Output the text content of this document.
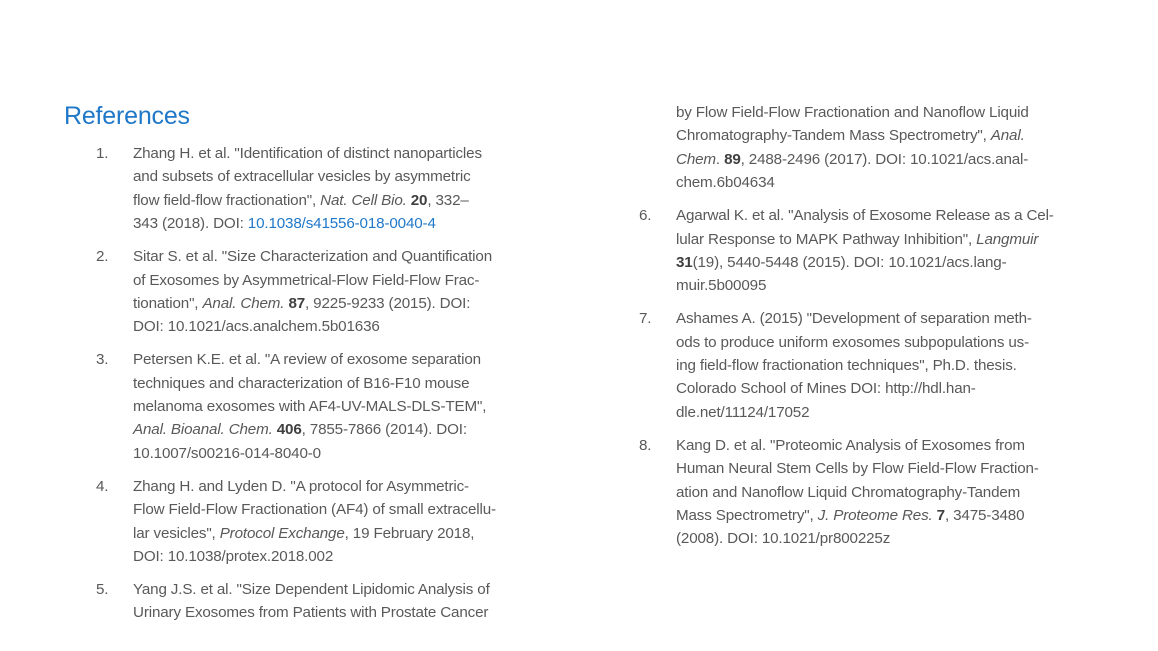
References
1. Zhang H. et al. "Identification of distinct nanoparticles
and subsets of extracellular vesicles by asymmetric
flow field-flow fractionation", Nat. Cell Bio. 20, 332–
343 (2018). DOI: 10.1038/s41556-018-0040-4
2. Sitar S. et al. "Size Characterization and Quantification
of Exosomes by Asymmetrical-Flow Field-Flow Frac-
tionation", Anal. Chem. 87, 9225-9233 (2015). DOI:
DOI: 10.1021/acs.analchem.5b01636
3. Petersen K.E. et al. "A review of exosome separation
techniques and characterization of B16-F10 mouse
melanoma exosomes with AF4-UV-MALS-DLS-TEM",
Anal. Bioanal. Chem. 406, 7855-7866 (2014). DOI:
10.1007/s00216-014-8040-0
4. Zhang H. and Lyden D. "A protocol for Asymmetric-
Flow Field-Flow Fractionation (AF4) of small extracellu-
lar vesicles", Protocol Exchange, 19 February 2018,
DOI: 10.1038/protex.2018.002
5. Yang J.S. et al. "Size Dependent Lipidomic Analysis of
Urinary Exosomes from Patients with Prostate Cancer
by Flow Field-Flow Fractionation and Nanoflow Liquid
Chromatography-Tandem Mass Spectrometry", Anal.
Chem. 89, 2488-2496 (2017). DOI: 10.1021/acs.anal-
chem.6b04634
6. Agarwal K. et al. "Analysis of Exosome Release as a Cel-
lular Response to MAPK Pathway Inhibition", Langmuir
31(19), 5440-5448 (2015). DOI: 10.1021/acs.lang-
muir.5b00095
7. Ashames A. (2015) "Development of separation meth-
ods to produce uniform exosomes subpopulations us-
ing field-flow fractionation techniques", Ph.D. thesis.
Colorado School of Mines DOI: http://hdl.han-
dle.net/11124/17052
8. Kang D. et al. "Proteomic Analysis of Exosomes from
Human Neural Stem Cells by Flow Field-Flow Fraction-
ation and Nanoflow Liquid Chromatography-Tandem
Mass Spectrometry", J. Proteome Res. 7, 3475-3480
(2008). DOI: 10.1021/pr800225z
